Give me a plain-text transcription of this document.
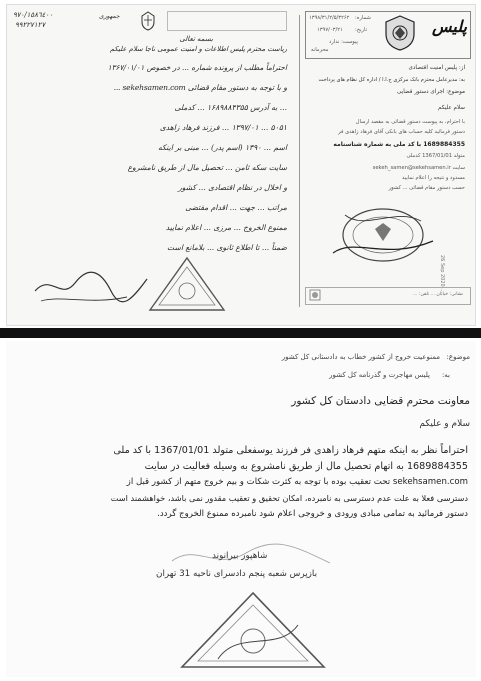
٩٧٠/١٥٨٦٤٠٠
٩٩٢٢٧١٢٧
جمهوری
بسمه تعالی
ریاست محترم پلیس اطلاعات و امنیت عمومی ناجا سلام علیکم
احتراماً مطلب از پرونده شماره ... در خصوص ۱۳۶۷/۰۱/۰۱
و با توجه به دستور مقام قضائی sekehsamen.com ...
... به آدرس ۱۶۸۹۸۸۴۳۵۵ ... کدملی
۵۰۵۱ ... ۱۳۹۷/۰۱ ... فرزند فرهاد زاهدی
اسم ... ۱۳۹۰ (اسم پدر) ... مبنی بر اینکه
سایت سکه ثامن ... تحصیل مال از طریق نامشروع
و اخلال در نظام اقتصادی ... کشور
مراتب ... جهت ... اقدام مقتضی
ممنوع الخروج ... مرزی ... اعلام نمایید
ضمناً ... تا اطلاع ثانوی ... بلامانع است
پلیس
شماره:
۱۳۹۸/۳۱/۲/۵/۳۲۶۲
تاریخ:
۱۳۹۷/۰۳/۲۱
پیوست: ندارد
محرمانه
از: پلیس امنیت اقتصادی
به: مدیرعامل محترم بانک مرکزی ج.ا.ا / اداره کل نظام های پرداخت
موضوع: اجرای دستور قضایی
سلام علیکم
با احترام، به پیوست دستور قضائی به مقصد ارسال
دستور فرمائید کلیه حساب های بانکی آقای فرهاد زاهدی فر
1689884355 با کد ملی به شماره شناسنامه
متولد 1367/01/01 کدملی
سایت sekeh_samen@sekehsamen.ir
مسدود و نتیجه را اعلام نمایید
حسب دستور مقام قضائی ... کشور
نشانی: خیابان ... تلفن: ...
26 Sep 2020 ...
موضوع:
ممنوعیت خروج از کشور خطاب به دادستانی کل کشور
به:
پلیس مهاجرت و گذرنامه کل کشور
معاونت محترم قضایی دادستان کل کشور
سلام و علیکم
احتراماً نظر به اینکه متهم فرهاد زاهدی فر فرزند یوسفعلی متولد 1367/01/01 با کد ملی
1689884355 به اتهام تحصیل مال از طریق نامشروع به وسیله فعالیت در سایت
sekehsamen.com تحت تعقیب بوده با توجه به کثرت شکات و بیم خروج متهم از کشور قبل از
دسترسی فعلا به علت عدم دسترسی به نامبرده، امکان تحقیق و تعقیب مقدور نمی باشد، خواهشمند است
دستور فرمائید به تمامی مبادی ورودی و خروجی اعلام شود نامبرده ممنوع الخروج گردد.
شاهپور بیرانوند
بازپرس شعبه پنجم دادسرای ناحیه 31 تهران
